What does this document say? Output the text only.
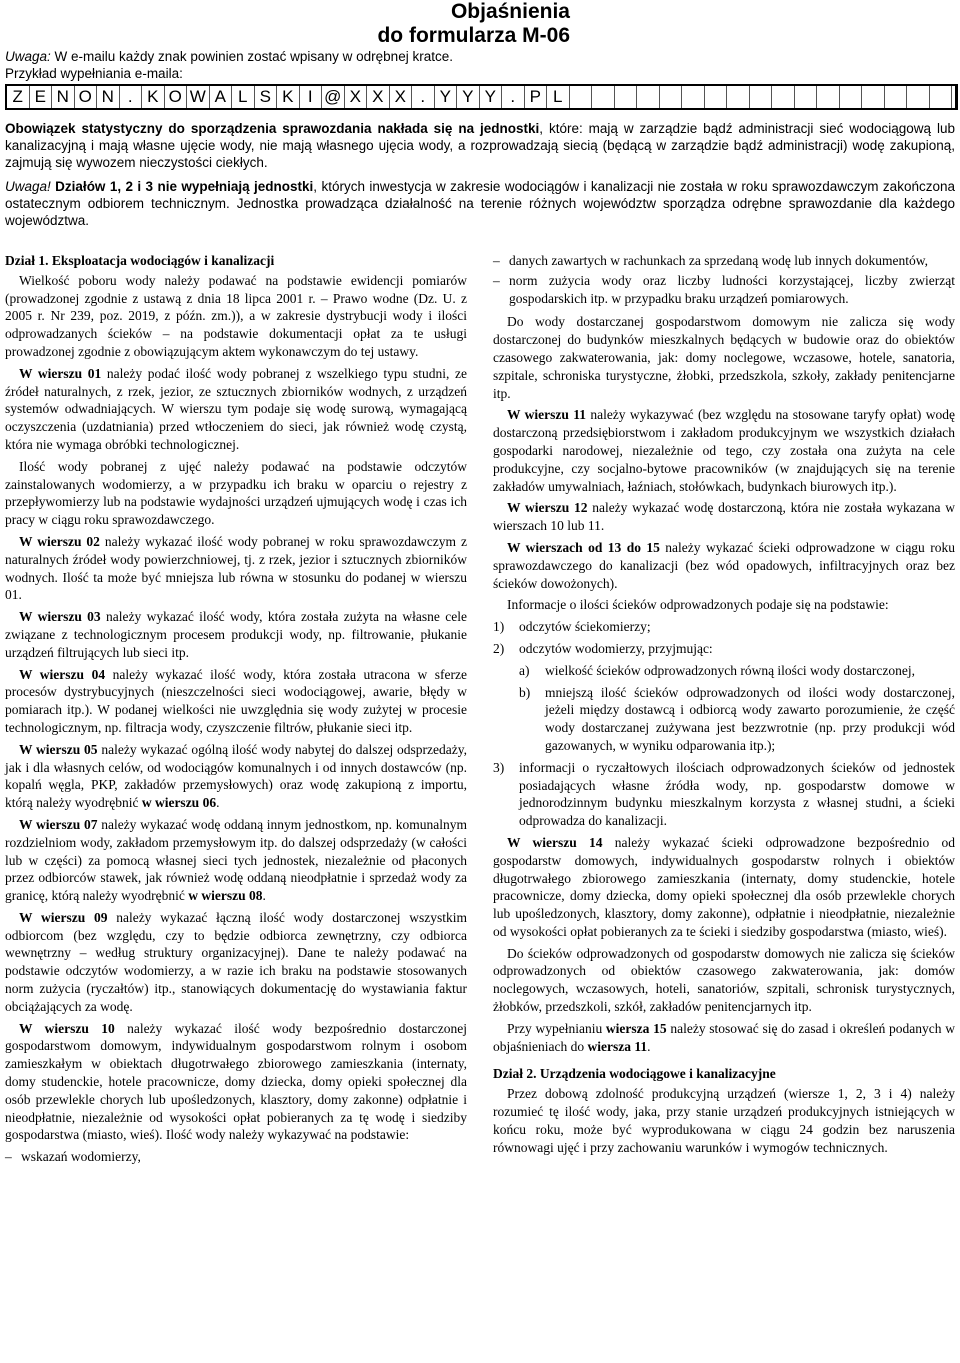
Objaśnienia
do formularza M-06
Uwaga: W e-mailu każdy znak powinien zostać wpisany w odrębnej kratce.
Przykład wypełniania e-maila:
Z E N O N . K O W A L S K I @ X X X . Y Y Y . P L
Obowiązek statystyczny do sporządzenia sprawozdania nakłada się na jednostki, które: mają w zarządzie bądź administracji sieć wodociągową lub kanalizacyjną i mają własne ujęcie wody, nie mają własnego ujęcia wody, a rozprowadzają siecią (będącą w zarządzie bądź administracji) wodę zakupioną, zajmują się wywozem nieczystości ciekłych.
Uwaga! Działów 1, 2 i 3 nie wypełniają jednostki, których inwestycja w zakresie wodociągów i kanalizacji nie została w roku sprawozdawczym zakończona ostatecznym odbiorem technicznym. Jednostka prowadząca działalność na terenie różnych województw sporządza odrębne sprawozdanie dla każdego województwa.
Dział 1. Eksploatacja wodociągów i kanalizacji

Wielkość poboru wody należy podawać na podstawie ewidencji pomiarów (prowadzonej zgodnie z ustawą z dnia 18 lipca 2001 r. – Prawo wodne (Dz. U. z 2005 r. Nr 239, poz. 2019, z późn. zm.)), a w zakresie dystrybucji wody i ilości odprowadzanych ścieków – na podstawie dokumentacji opłat za te usługi prowadzonej zgodnie z obowiązującym aktem wykonawczym do tej ustawy.

W wierszu 01 należy podać ilość wody pobranej z wszelkiego typu studni, ze źródeł naturalnych, z rzek, jezior, ze sztucznych zbiorników wodnych, z urządzeń systemów odwadniających. W wierszu tym podaje się wodę surową, wymagającą oczyszczenia (uzdatniania) przed wtłoczeniem do sieci, jak również wodę czystą, która nie wymaga obróbki technologicznej.

Ilość wody pobranej z ujęć należy podawać na podstawie odczytów zainstalowanych wodomierzy, a w przypadku ich braku w oparciu o rejestry z przepływomierzy lub na podstawie wydajności urządzeń ujmujących wodę i czas ich pracy w ciągu roku sprawozdawczego.

W wierszu 02 należy wykazać ilość wody pobranej w roku sprawozdawczym z naturalnych źródeł wody powierzchniowej, tj. z rzek, jezior i sztucznych zbiorników wodnych. Ilość ta może być mniejsza lub równa w stosunku do podanej w wierszu 01.

W wierszu 03 należy wykazać ilość wody, która została zużyta na własne cele związane z technologicznym procesem produkcji wody, np. filtrowanie, płukanie urządzeń filtrujących lub sieci itp.

W wierszu 04 należy wykazać ilość wody, która została utracona w sferze procesów dystrybucyjnych (nieszczelności sieci wodociągowej, awarie, błędy w pomiarach itp.). W podanej wielkości nie uwzględnia się wody zużytej w procesie technologicznym, np. filtracja wody, czyszczenie filtrów, płukanie sieci itp.

W wierszu 05 należy wykazać ogólną ilość wody nabytej do dalszej odsprzedaży, jak i dla własnych celów, od wodociągów komunalnych i od innych dostawców (np. kopalń węgla, PKP, zakładów przemysłowych) oraz wodę zakupioną z importu, którą należy wyodrębnić w wierszu 06.

W wierszu 07 należy wykazać wodę oddaną innym jednostkom, np. komunalnym rozdzielniom wody, zakładom przemysłowym itp. do dalszej odsprzedaży (w całości lub w części) za pomocą własnej sieci tych jednostek, niezależnie od płaconych przez odbiorców stawek, jak również wodę oddaną nieodpłatnie i sprzedaż wody za granicę, którą należy wyodrębnić w wierszu 08.

W wierszu 09 należy wykazać łączną ilość wody dostarczonej wszystkim odbiorcom (bez względu, czy to będzie odbiorca zewnętrzny, czy odbiorca wewnętrzny – według struktury organizacyjnej). Dane te należy podawać na podstawie odczytów wodomierzy, a w razie ich braku na podstawie stosowanych norm zużycia (ryczałtów) itp., stanowiących dokumentację do wystawiania faktur obciążających za wodę.

W wierszu 10 należy wykazać ilość wody bezpośrednio dostarczonej gospodarstwom domowym, indywidualnym gospodarstwom rolnym i osobom zamieszkałym w obiektach długotrwałego zbiorowego zamieszkania (internaty, domy studenckie, hotele pracownicze, domy dziecka, domy opieki społecznej dla osób przewlekle chorych lub upośledzonych, klasztory, domy zakonne) odpłatnie i nieodpłatnie, niezależnie od wysokości opłat pobieranych za tę wodę i siedziby gospodarstwa (miasto, wieś). Ilość wody należy wykazywać na podstawie:

– wskazań wodomierzy,
– danych zawartych w rachunkach za sprzedaną wodę lub innych dokumentów,
– norm zużycia wody oraz liczby ludności korzystającej, liczby zwierząt gospodarskich itp. w przypadku braku urządzeń pomiarowych.

Do wody dostarczanej gospodarstwom domowym nie zalicza się wody dostarczonej do budynków mieszkalnych będących w budowie oraz do obiektów czasowego zakwaterowania, jak: domy noclegowe, wczasowe, hotele, sanatoria, szpitale, schroniska turystyczne, żłobki, przedszkola, szkoły, zakłady penitencjarne itp.

W wierszu 11 należy wykazywać (bez względu na stosowane taryfy opłat) wodę dostarczoną przedsiębiorstwom i zakładom produkcyjnym we wszystkich działach gospodarki narodowej, niezależnie od tego, czy została ona zużyta na cele produkcyjne, czy socjalno-bytowe pracowników (w znajdujących się na terenie zakładów umywalniach, łaźniach, stołówkach, budynkach biurowych itp.).

W wierszu 12 należy wykazać wodę dostarczoną, która nie została wykazana w wierszach 10 lub 11.

W wierszach od 13 do 15 należy wykazać ścieki odprowadzone w ciągu roku sprawozdawczego do kanalizacji (bez wód opadowych, infiltracyjnych oraz bez ścieków dowożonych).

Informacje o ilości ścieków odprowadzonych podaje się na podstawie:

1)	odczytów ściekomierzy;
2)	odczytów wodomierzy, przyjmując:
a)	wielkość ścieków odprowadzonych równą ilości wody dostarczonej,
b)	mniejszą ilość ścieków odprowadzonych od ilości wody dostarczonej, jeżeli między dostawcą i odbiorcą wody zawarto porozumienie, że część wody dostarczanej zużywana jest bezzwrotnie (np. przy produkcji wód gazowanych, w wyniku odparowania itp.);
3)	informacji o ryczałtowych ilościach odprowadzonych ścieków od jednostek posiadających własne źródła wody, np. gospodarstw domowe w jednorodzinnym budynku mieszkalnym korzysta z własnej studni, a ścieki odprowadza do kanalizacji.

W wierszu 14 należy wykazać ścieki odprowadzone bezpośrednio od gospodarstw domowych, indywidualnych gospodarstw rolnych i obiektów długotrwałego zbiorowego zamieszkania (internaty, domy studenckie, hotele pracownicze, domy dziecka, domy opieki społecznej dla osób przewlekle chorych lub upośledzonych, klasztory, domy zakonne), odpłatnie i nieodpłatnie, niezależnie od wysokości opłat pobieranych za te ścieki i siedziby gospodarstwa (miasto, wieś).

Do ścieków odprowadzonych od gospodarstw domowych nie zalicza się ścieków odprowadzonych od obiektów czasowego zakwaterowania, jak: domów noclegowych, wczasowych, hoteli, sanatoriów, szpitali, schronisk turystycznych, żłobków, przedszkoli, szkół, zakładów penitencjarnych itp.

Przy wypełnianiu wiersza 15 należy stosować się do zasad i określeń podanych w objaśnieniach do wiersza 11.

Dział 2. Urządzenia wodociągowe i kanalizacyjne

Przez dobową zdolność produkcyjną urządzeń (wiersze 1, 2, 3 i 4) należy rozumieć tę ilość wody, jaka, przy stanie urządzeń produkcyjnych istniejących w końcu roku, może być wyprodukowana w ciągu 24 godzin bez naruszenia równowagi ujęć i przy zachowaniu warunków i wymogów technicznych.
